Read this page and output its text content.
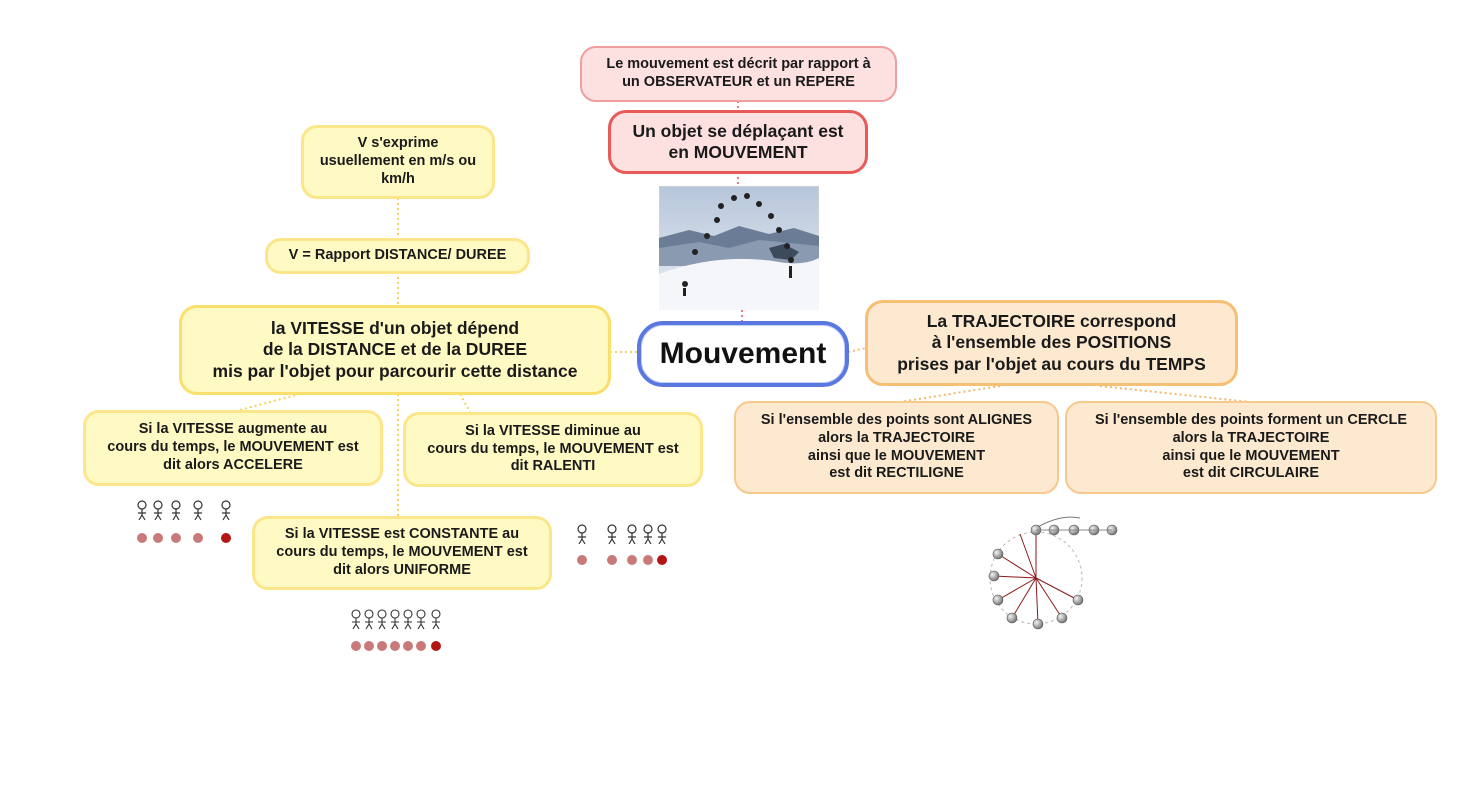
Le mouvement est décrit par rapport à
un OBSERVATEUR et un REPERE
Un objet se déplaçant est
en MOUVEMENT
V s'exprime
usuellement en m/s ou
km/h
V = Rapport DISTANCE/ DUREE
la VITESSE d'un objet dépend
de la DISTANCE et de la DUREE
mis par l'objet pour parcourir cette distance
Mouvement
La TRAJECTOIRE correspond
à l'ensemble des POSITIONS
prises par l'objet au cours du TEMPS
Si la VITESSE augmente au
cours du temps, le MOUVEMENT est
dit alors ACCELERE
Si la VITESSE diminue au
cours du temps, le MOUVEMENT est
dit RALENTI
Si la VITESSE est CONSTANTE au
cours du temps, le MOUVEMENT est
dit alors UNIFORME
Si l'ensemble des points sont ALIGNES
alors la TRAJECTOIRE
ainsi que le MOUVEMENT
est dit RECTILIGNE
Si l'ensemble des points forment un CERCLE
alors la TRAJECTOIRE
ainsi que le MOUVEMENT
est dit CIRCULAIRE
